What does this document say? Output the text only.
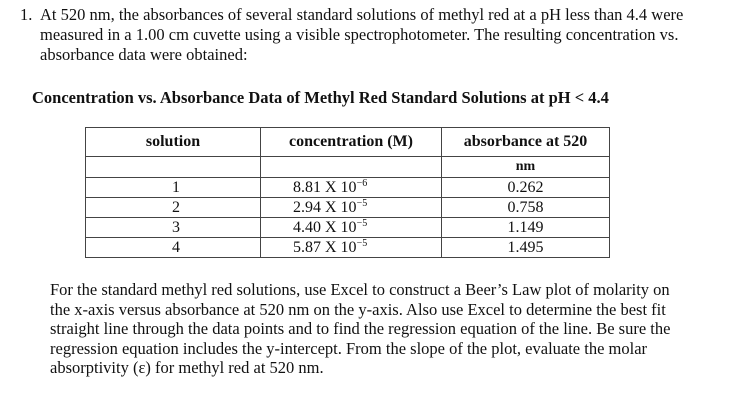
1. At 520 nm, the absorbances of several standard solutions of methyl red at a pH less than 4.4 were measured in a 1.00 cm cuvette using a visible spectrophotometer. The resulting concentration vs. absorbance data were obtained:
Concentration vs. Absorbance Data of Methyl Red Standard Solutions at pH < 4.4
solution	concentration (M)	absorbance at 520
		nm
1	8.81 X $10^{-6}$	0.262
2	2.94 X $10^{-5}$	0.758
3	4.40 X $10^{-5}$	1.149
4	5.87 X $10^{-5}$	1.495
For the standard methyl red solutions, use Excel to construct a Beer’s Law plot of molarity on the x-axis versus absorbance at 520 nm on the y-axis. Also use Excel to determine the best fit straight line through the data points and to find the regression equation of the line. Be sure the regression equation includes the y-intercept. From the slope of the plot, evaluate the molar absorptivity (ε) for methyl red at 520 nm.
